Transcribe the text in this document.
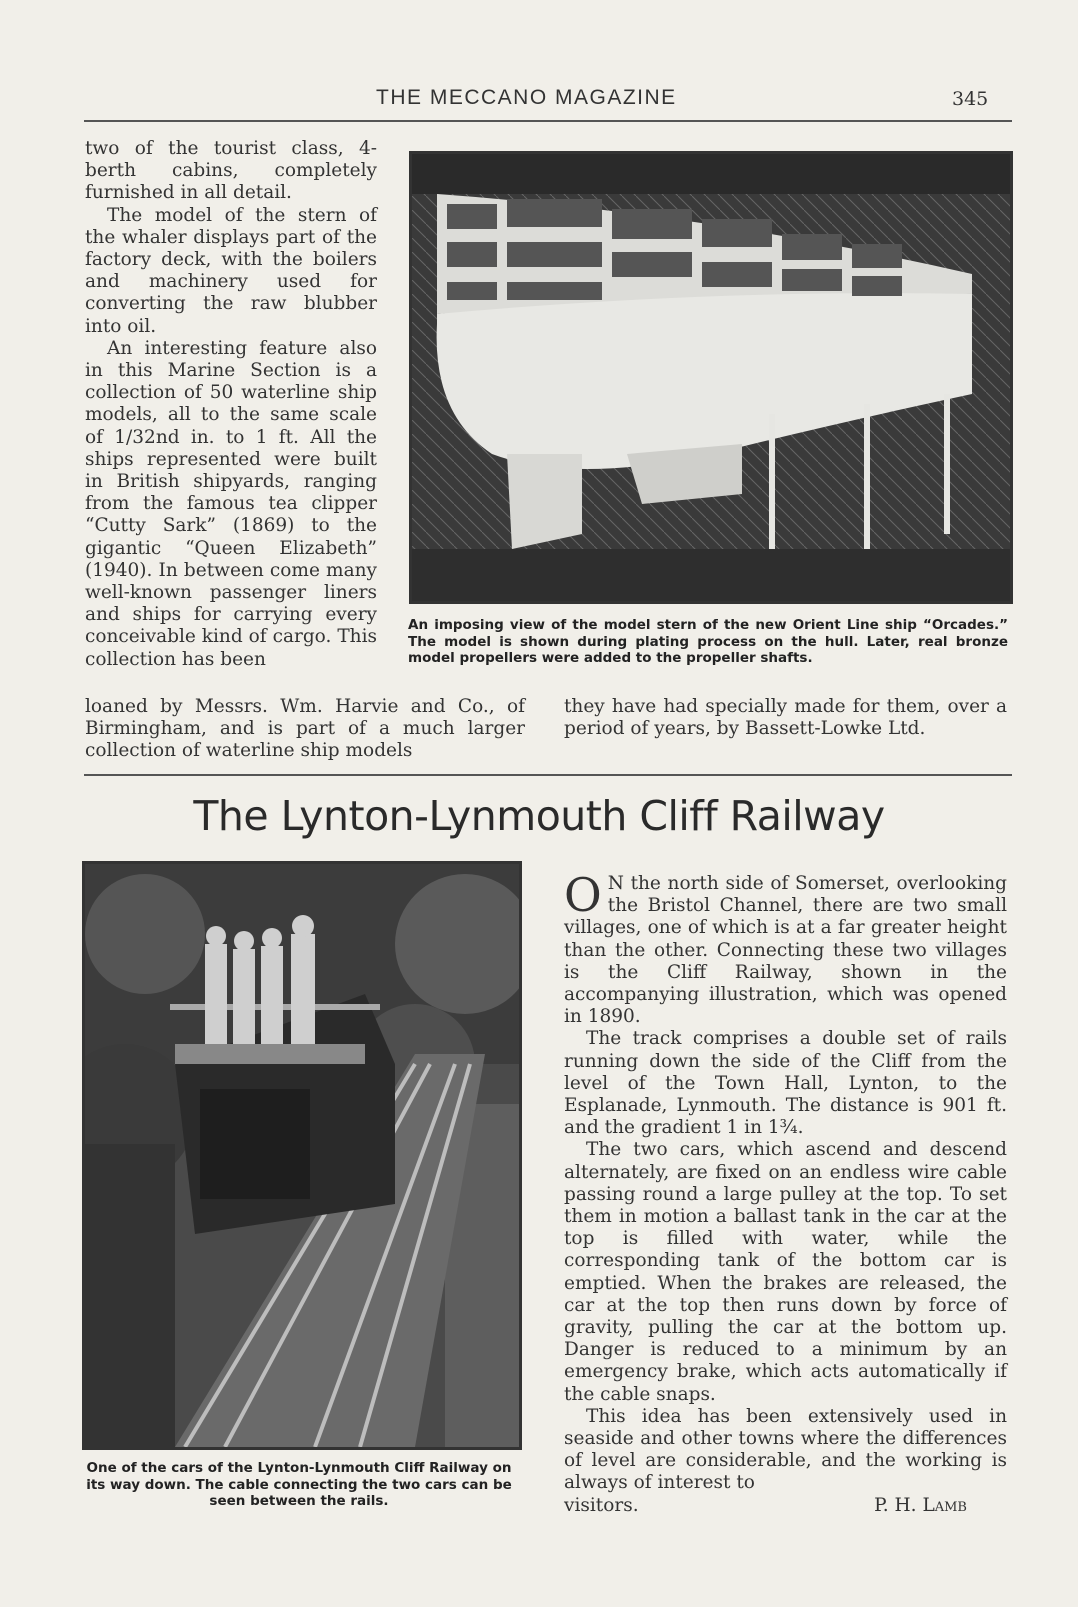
THE MECCANO MAGAZINE	345

two of the tourist class, 4-berth cabins, completely furnished in all detail.

The model of the stern of the whaler displays part of the factory deck, with the boilers and machinery used for converting the raw blubber into oil.

An interesting feature also in this Marine Section is a collection of 50 waterline ship models, all to the same scale of 1/32nd in. to 1 ft. All the ships represented were built in British shipyards, ranging from the famous tea clipper “Cutty Sark” (1869) to the gigantic “Queen Elizabeth” (1940). In between come many well-known passenger liners and ships for carrying every conceivable kind of cargo. This collection has been

An imposing view of the model stern of the new Orient Line ship “Orcades.” The model is shown during plating process on the hull. Later, real bronze model propellers were added to the propeller shafts.
loaned by Messrs. Wm. Harvie and Co., of Birmingham, and is part of a much larger collection of waterline ship models
they have had specially made for them, over a period of years, by Bassett-Lowke Ltd.
The Lynton-Lynmouth Cliff Railway
One of the cars of the Lynton-Lynmouth Cliff Railway on its way down. The cable connecting the two cars can be seen between the rails.

O N the north side of Somerset, overlooking the Bristol Channel, there are two small villages, one of which is at a far greater height than the other. Connecting these two villages is the Cliff Railway, shown in the accompanying illustration, which was opened in 1890.

The track comprises a double set of rails running down the side of the Cliff from the level of the Town Hall, Lynton, to the Esplanade, Lynmouth. The distance is 901 ft. and the gradient 1 in 1¾.

The two cars, which ascend and descend alternately, are fixed on an endless wire cable passing round a large pulley at the top. To set them in motion a ballast tank in the car at the top is filled with water, while the corresponding tank of the bottom car is emptied. When the brakes are released, the car at the top then runs down by force of gravity, pulling the car at the bottom up. Danger is reduced to a minimum by an emergency brake, which acts automatically if the cable snaps.

This idea has been extensively used in seaside and other towns where the differences of level are considerable, and the working is always of interest to

visitors.	P. H. Lamb
